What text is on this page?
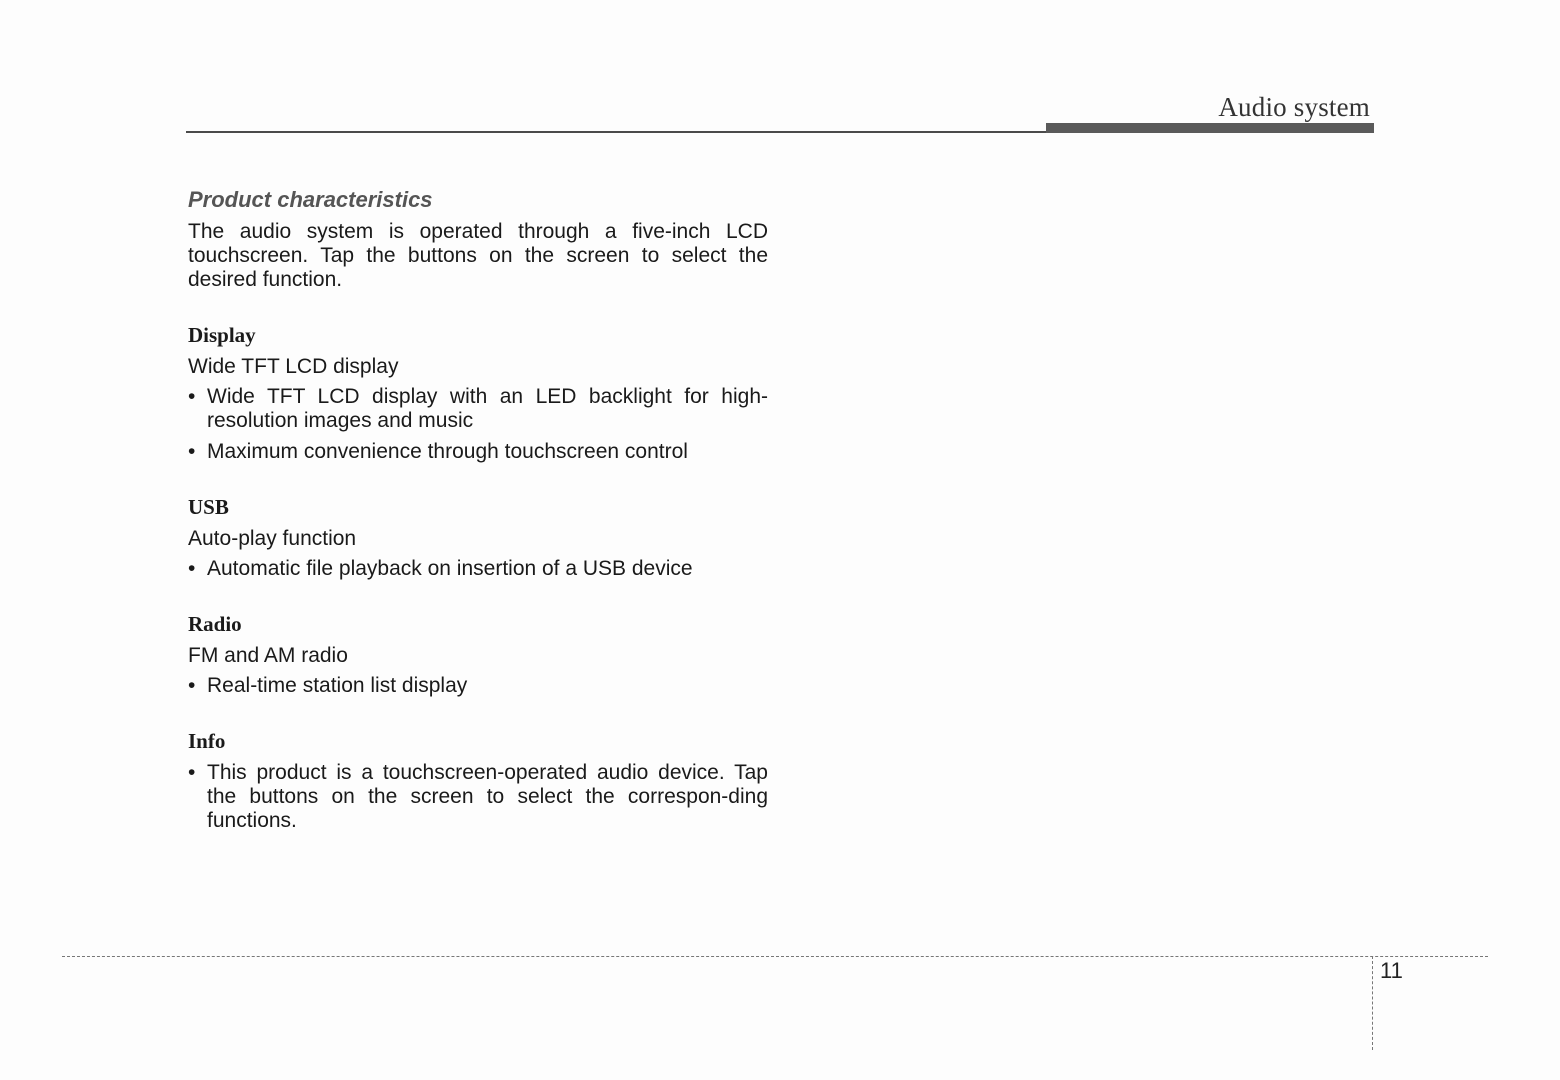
Audio system
Product characteristics

The audio system is operated through a five-inch LCD touchscreen. Tap the buttons on the screen to select the desired function.

Display
Wide TFT LCD display
• Wide TFT LCD display with an LED backlight for high-resolution images and music
• Maximum convenience through touchscreen control
USB
Auto-play function
• Automatic file playback on insertion of a USB device
Radio
FM and AM radio
• Real-time station list display
Info
• This product is a touchscreen-operated audio device. Tap the buttons on the screen to select the correspon-ding functions.
11
